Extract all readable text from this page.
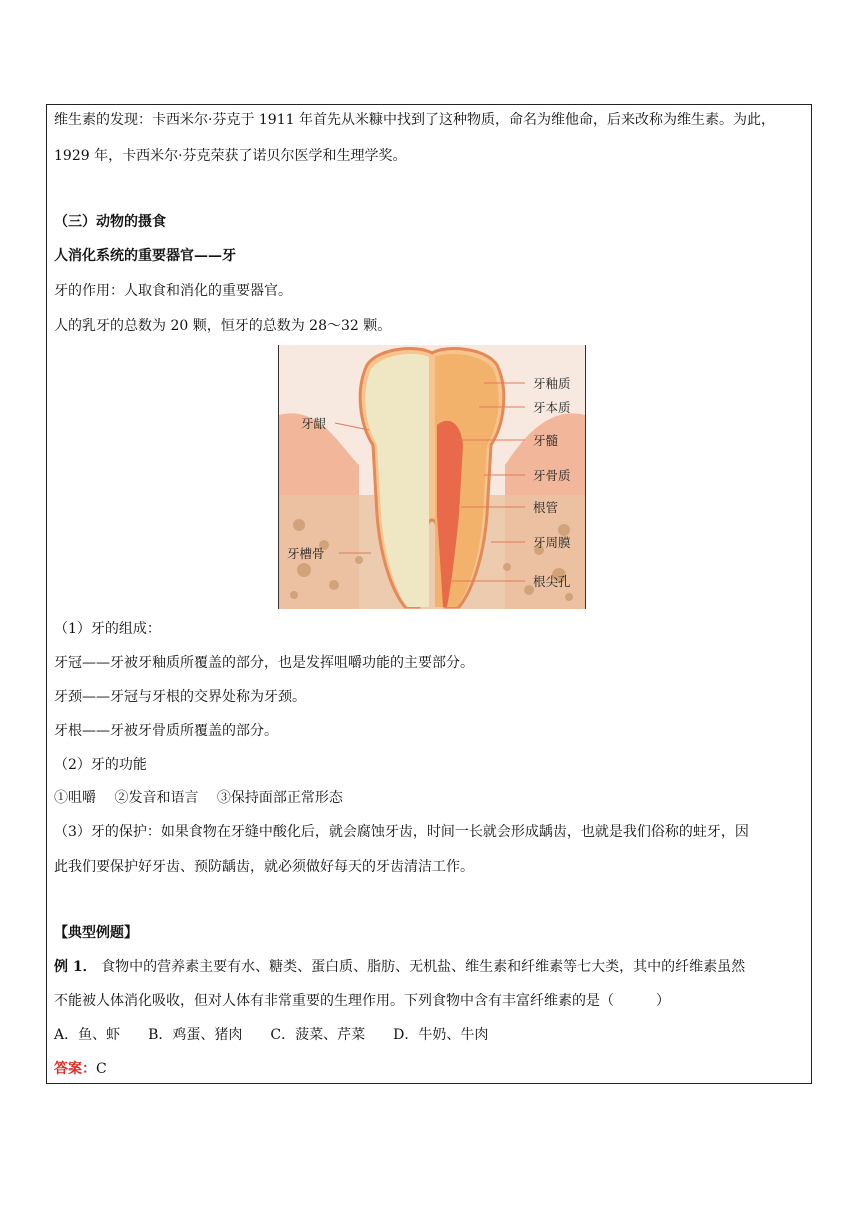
维生素的发现：卡西米尔·芬克于 1911 年首先从米糠中找到了这种物质，命名为维他命，后来改称为维生素。为此，
1929 年，卡西米尔·芬克荣获了诺贝尔医学和生理学奖。
（三）动物的摄食
人消化系统的重要器官——牙
牙的作用：人取食和消化的重要器官。
人的乳牙的总数为 20 颗，恒牙的总数为 28～32 颗。
牙釉质
牙本质
牙髓
牙骨质
根管
牙周膜
根尖孔
牙龈
牙槽骨
（1）牙的组成：
牙冠——牙被牙釉质所覆盖的部分，也是发挥咀嚼功能的主要部分。
牙颈——牙冠与牙根的交界处称为牙颈。
牙根——牙被牙骨质所覆盖的部分。
（2）牙的功能
①咀嚼　 ②发音和语言　 ③保持面部正常形态
（3）牙的保护：如果食物在牙缝中酸化后，就会腐蚀牙齿，时间一长就会形成龋齿，也就是我们俗称的蛀牙，因
此我们要保护好牙齿、预防龋齿，就必须做好每天的牙齿清洁工作。
【典型例题】
例 1． 食物中的营养素主要有水、糖类、蛋白质、脂肪、无机盐、维生素和纤维素等七大类，其中的纤维素虽然
不能被人体消化吸收，但对人体有非常重要的生理作用。下列食物中含有丰富纤维素的是（　　　）
A．鱼、虾　　B．鸡蛋、猪肉　　C．菠菜、芹菜　　D．牛奶、牛肉
答案：C
